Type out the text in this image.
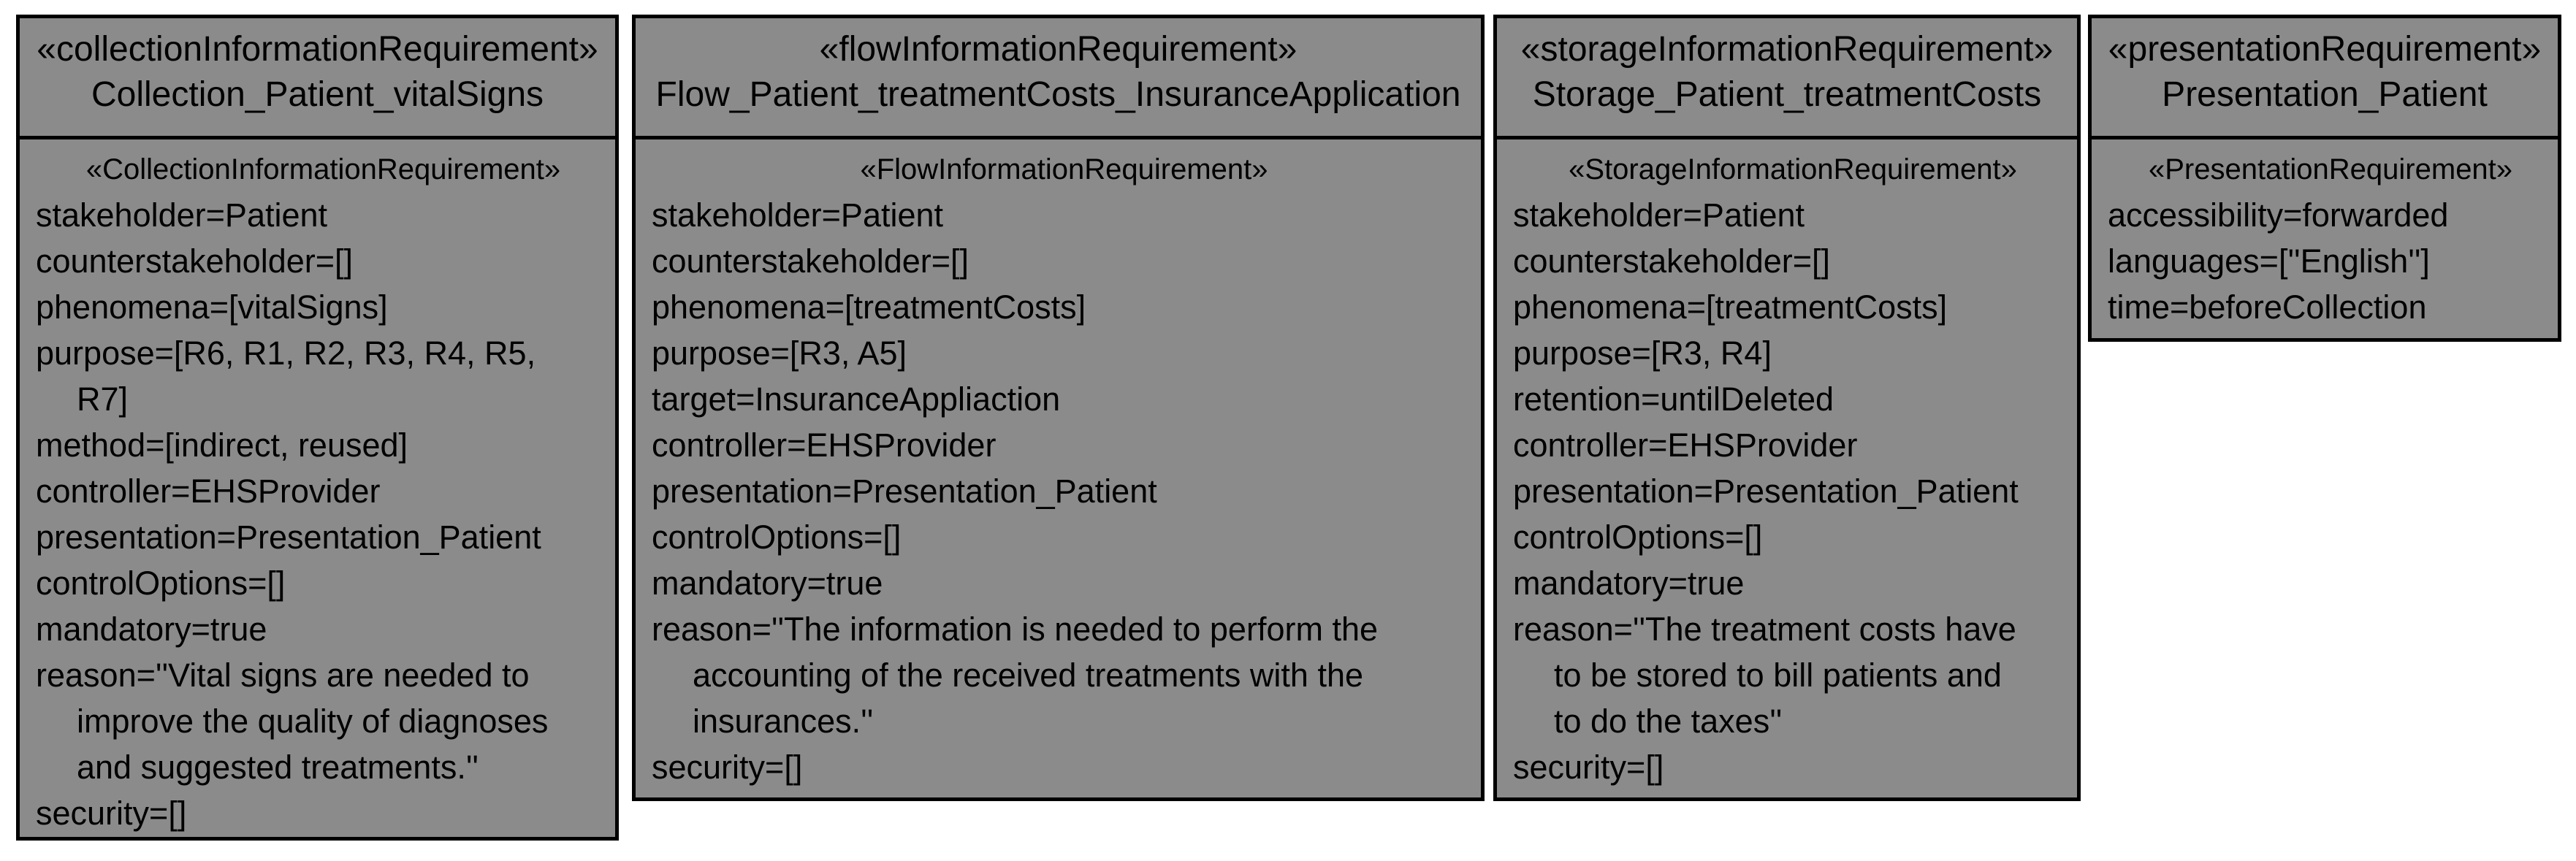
«collectionInformationRequirement»
Collection_Patient_vitalSigns
«CollectionInformationRequirement»
stakeholder=Patient
counterstakeholder=[]
phenomena=[vitalSigns]
purpose=[R6, R1, R2, R3, R4, R5,
R7]
method=[indirect, reused]
controller=EHSProvider
presentation=Presentation_Patient
controlOptions=[]
mandatory=true
reason=''Vital signs are needed to
improve the quality of diagnoses
and suggested treatments.''
security=[]
«flowInformationRequirement»
Flow_Patient_treatmentCosts_InsuranceApplication
«FlowInformationRequirement»
stakeholder=Patient
counterstakeholder=[]
phenomena=[treatmentCosts]
purpose=[R3, A5]
target=InsuranceAppliaction
controller=EHSProvider
presentation=Presentation_Patient
controlOptions=[]
mandatory=true
reason=''The information is needed to perform the
accounting of the received treatments with the
insurances.''
security=[]
«storageInformationRequirement»
Storage_Patient_treatmentCosts
«StorageInformationRequirement»
stakeholder=Patient
counterstakeholder=[]
phenomena=[treatmentCosts]
purpose=[R3, R4]
retention=untilDeleted
controller=EHSProvider
presentation=Presentation_Patient
controlOptions=[]
mandatory=true
reason=''The treatment costs have
to be stored to bill patients and
to do the taxes''
security=[]
«presentationRequirement»
Presentation_Patient
«PresentationRequirement»
accessibility=forwarded
languages=[''English'']
time=beforeCollection
